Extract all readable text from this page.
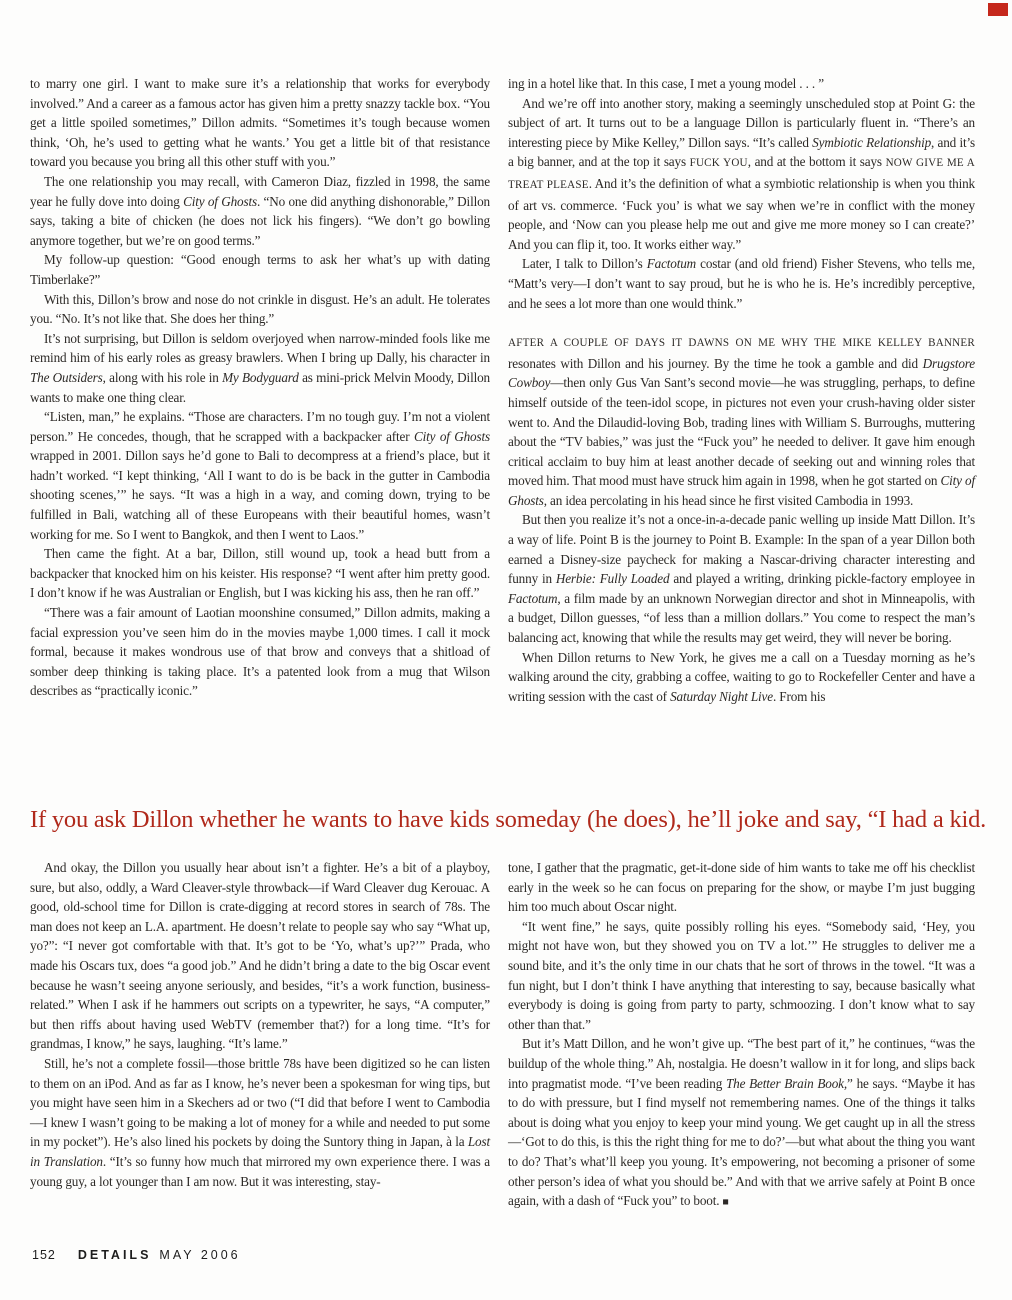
to marry one girl. I want to make sure it’s a relationship that works for everybody involved.” And a career as a famous actor has given him a pretty snazzy tackle box. “You get a little spoiled sometimes,” Dillon admits. “Sometimes it’s tough because women think, ‘Oh, he’s used to getting what he wants.’ You get a little bit of that resistance toward you because you bring all this other stuff with you.”

The one relationship you may recall, with Cameron Diaz, fizzled in 1998, the same year he fully dove into doing City of Ghosts. “No one did anything dishonorable,” Dillon says, taking a bite of chicken (he does not lick his fingers). “We don’t go bowling anymore together, but we’re on good terms.”

My follow-up question: “Good enough terms to ask her what’s up with dating Timberlake?”

With this, Dillon’s brow and nose do not crinkle in disgust. He’s an adult. He tolerates you. “No. It’s not like that. She does her thing.”

It’s not surprising, but Dillon is seldom overjoyed when narrow-minded fools like me remind him of his early roles as greasy brawlers. When I bring up Dally, his character in The Outsiders, along with his role in My Bodyguard as mini-prick Melvin Moody, Dillon wants to make one thing clear.

“Listen, man,” he explains. “Those are characters. I’m no tough guy. I’m not a violent person.” He concedes, though, that he scrapped with a backpacker after City of Ghosts wrapped in 2001. Dillon says he’d gone to Bali to decompress at a friend’s place, but it hadn’t worked. “I kept thinking, ‘All I want to do is be back in the gutter in Cambodia shooting scenes,’” he says. “It was a high in a way, and coming down, trying to be fulfilled in Bali, watching all of these Europeans with their beautiful homes, wasn’t working for me. So I went to Bangkok, and then I went to Laos.”

Then came the fight. At a bar, Dillon, still wound up, took a head butt from a backpacker that knocked him on his keister. His response? “I went after him pretty good. I don’t know if he was Australian or English, but I was kicking his ass, then he ran off.”

“There was a fair amount of Laotian moonshine consumed,” Dillon admits, making a facial expression you’ve seen him do in the movies maybe 1,000 times. I call it mock formal, because it makes wondrous use of that brow and conveys that a shitload of somber deep thinking is taking place. It’s a patented look from a mug that Wilson describes as “practically iconic.”

ing in a hotel like that. In this case, I met a young model . . . ”

And we’re off into another story, making a seemingly unscheduled stop at Point G: the subject of art. It turns out to be a language Dillon is particularly fluent in. “There’s an interesting piece by Mike Kelley,” Dillon says. “It’s called Symbiotic Relationship, and it’s a big banner, and at the top it says FUCK YOU, and at the bottom it says NOW GIVE ME A TREAT PLEASE. And it’s the definition of what a symbiotic relationship is when you think of art vs. commerce. ‘Fuck you’ is what we say when we’re in conflict with the money people, and ‘Now can you please help me out and give me more money so I can create?’ And you can flip it, too. It works either way.”

Later, I talk to Dillon’s Factotum costar (and old friend) Fisher Stevens, who tells me, “Matt’s very—I don’t want to say proud, but he is who he is. He’s incredibly perceptive, and he sees a lot more than one would think.”

AFTER A COUPLE OF DAYS IT DAWNS ON ME WHY THE MIKE KELLEY BANNER resonates with Dillon and his journey. By the time he took a gamble and did Drugstore Cowboy—then only Gus Van Sant’s second movie—he was struggling, perhaps, to define himself outside of the teen-idol scope, in pictures not even your crush-having older sister went to. And the Dilaudid-loving Bob, trading lines with William S. Burroughs, muttering about the “TV babies,” was just the “Fuck you” he needed to deliver. It gave him enough critical acclaim to buy him at least another decade of seeking out and winning roles that moved him. That mood must have struck him again in 1998, when he got started on City of Ghosts, an idea percolating in his head since he first visited Cambodia in 1993.

But then you realize it’s not a once-in-a-decade panic welling up inside Matt Dillon. It’s a way of life. Point B is the journey to Point B. Example: In the span of a year Dillon both earned a Disney-size paycheck for making a Nascar-driving character interesting and funny in Herbie: Fully Loaded and played a writing, drinking pickle-factory employee in Factotum, a film made by an unknown Norwegian director and shot in Minneapolis, with a budget, Dillon guesses, “of less than a million dollars.” You come to respect the man’s balancing act, knowing that while the results may get weird, they will never be boring.

When Dillon returns to New York, he gives me a call on a Tuesday morning as he’s walking around the city, grabbing a coffee, waiting to go to Rockefeller Center and have a writing session with the cast of Saturday Night Live. From his

If you ask Dillon whether he wants to have kids someday (he does), he’ll joke and say, “I had a kid.

And okay, the Dillon you usually hear about isn’t a fighter. He’s a bit of a playboy, sure, but also, oddly, a Ward Cleaver-style throwback—if Ward Cleaver dug Kerouac. A good, old-school time for Dillon is crate-digging at record stores in search of 78s. The man does not keep an L.A. apartment. He doesn’t relate to people say who say “What up, yo?”: “I never got comfortable with that. It’s got to be ‘Yo, what’s up?’” Prada, who made his Oscars tux, does “a good job.” And he didn’t bring a date to the big Oscar event because he wasn’t seeing anyone seriously, and besides, “it’s a work function, business-related.” When I ask if he hammers out scripts on a typewriter, he says, “A computer,” but then riffs about having used WebTV (remember that?) for a long time. “It’s for grandmas, I know,” he says, laughing. “It’s lame.”

Still, he’s not a complete fossil—those brittle 78s have been digitized so he can listen to them on an iPod. And as far as I know, he’s never been a spokesman for wing tips, but you might have seen him in a Skechers ad or two (“I did that before I went to Cambodia—I knew I wasn’t going to be making a lot of money for a while and needed to put some in my pocket”). He’s also lined his pockets by doing the Suntory thing in Japan, à la Lost in Translation. “It’s so funny how much that mirrored my own experience there. I was a young guy, a lot younger than I am now. But it was interesting, stay-

tone, I gather that the pragmatic, get-it-done side of him wants to take me off his checklist early in the week so he can focus on preparing for the show, or maybe I’m just bugging him too much about Oscar night.

“It went fine,” he says, quite possibly rolling his eyes. “Somebody said, ‘Hey, you might not have won, but they showed you on TV a lot.’” He struggles to deliver me a sound bite, and it’s the only time in our chats that he sort of throws in the towel. “It was a fun night, but I don’t think I have anything that interesting to say, because basically what everybody is doing is going from party to party, schmoozing. I don’t know what to say other than that.”

But it’s Matt Dillon, and he won’t give up. “The best part of it,” he continues, “was the buildup of the whole thing.” Ah, nostalgia. He doesn’t wallow in it for long, and slips back into pragmatist mode. “I’ve been reading The Better Brain Book,” he says. “Maybe it has to do with pressure, but I find myself not remembering names. One of the things it talks about is doing what you enjoy to keep your mind young. We get caught up in all the stress—‘Got to do this, is this the right thing for me to do?’—but what about the thing you want to do? That’s what’ll keep you young. It’s empowering, not becoming a prisoner of some other person’s idea of what you should be.” And with that we arrive safely at Point B once again, with a dash of “Fuck you” to boot. ■

152 DETAILS MAY 2006
